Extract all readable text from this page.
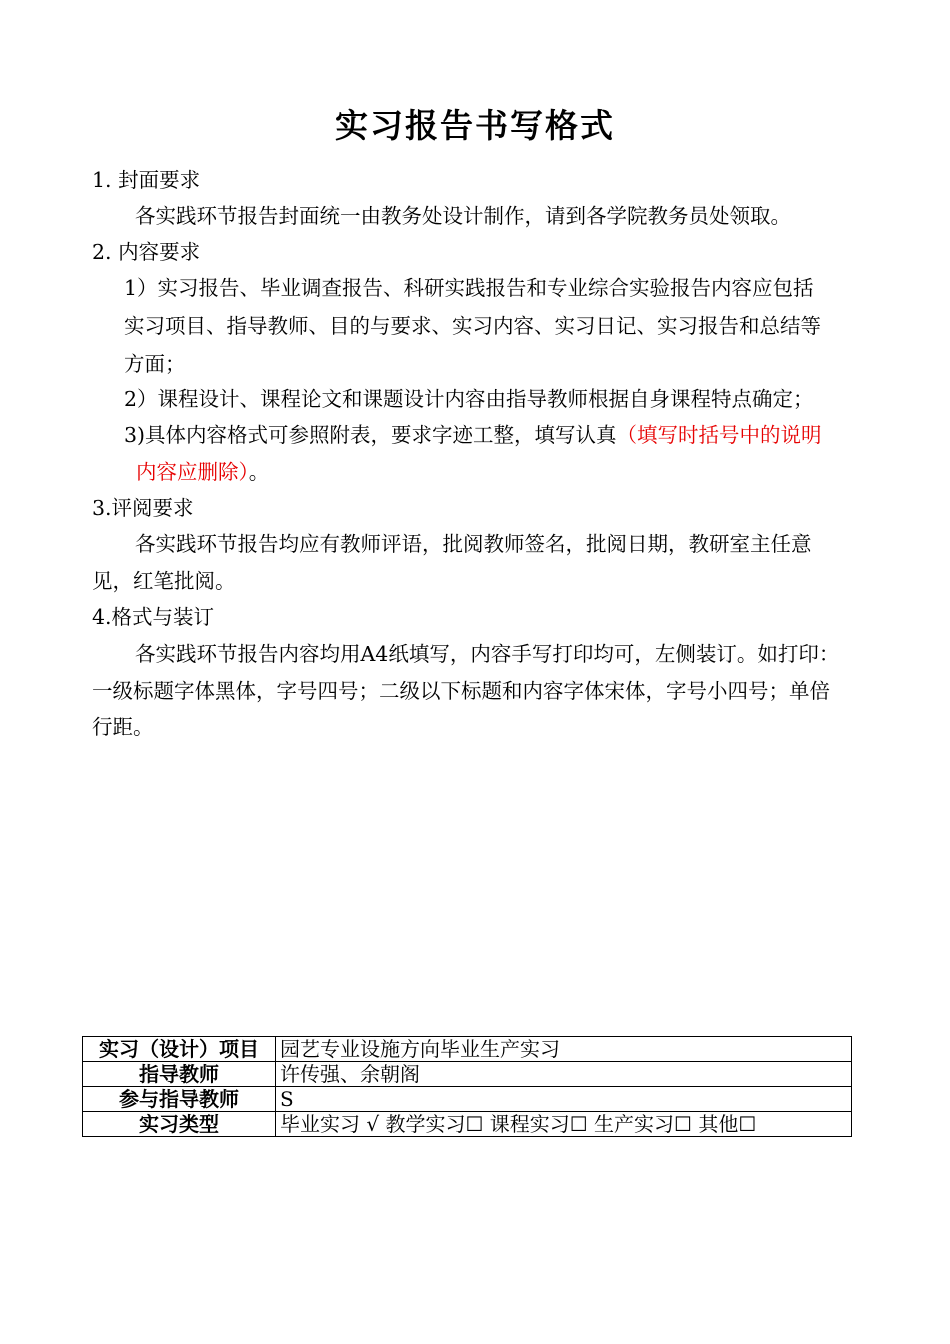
实习报告书写格式
1. 封面要求
各实践环节报告封面统一由教务处设计制作，请到各学院教务员处领取。
2. 内容要求
1）实习报告、毕业调查报告、科研实践报告和专业综合实验报告内容应包括
实习项目、指导教师、目的与要求、实习内容、实习日记、实习报告和总结等
方面；
2）课程设计、课程论文和课题设计内容由指导教师根据自身课程特点确定；
3)具体内容格式可参照附表，要求字迹工整，填写认真（填写时括号中的说明
内容应删除）。
3.评阅要求
各实践环节报告均应有教师评语，批阅教师签名，批阅日期，教研室主任意
见，红笔批阅。
4.格式与装订
各实践环节报告内容均用A4纸填写，内容手写打印均可，左侧装订。如打印：
一级标题字体黑体，字号四号；二级以下标题和内容字体宋体，字号小四号；单倍
行距。
实习（设计）项目	园艺专业设施方向毕业生产实习
指导教师	许传强、余朝阁
参与指导教师	S
实习类型	毕业实习 √ 教学实习☐ 课程实习☐ 生产实习☐ 其他☐
